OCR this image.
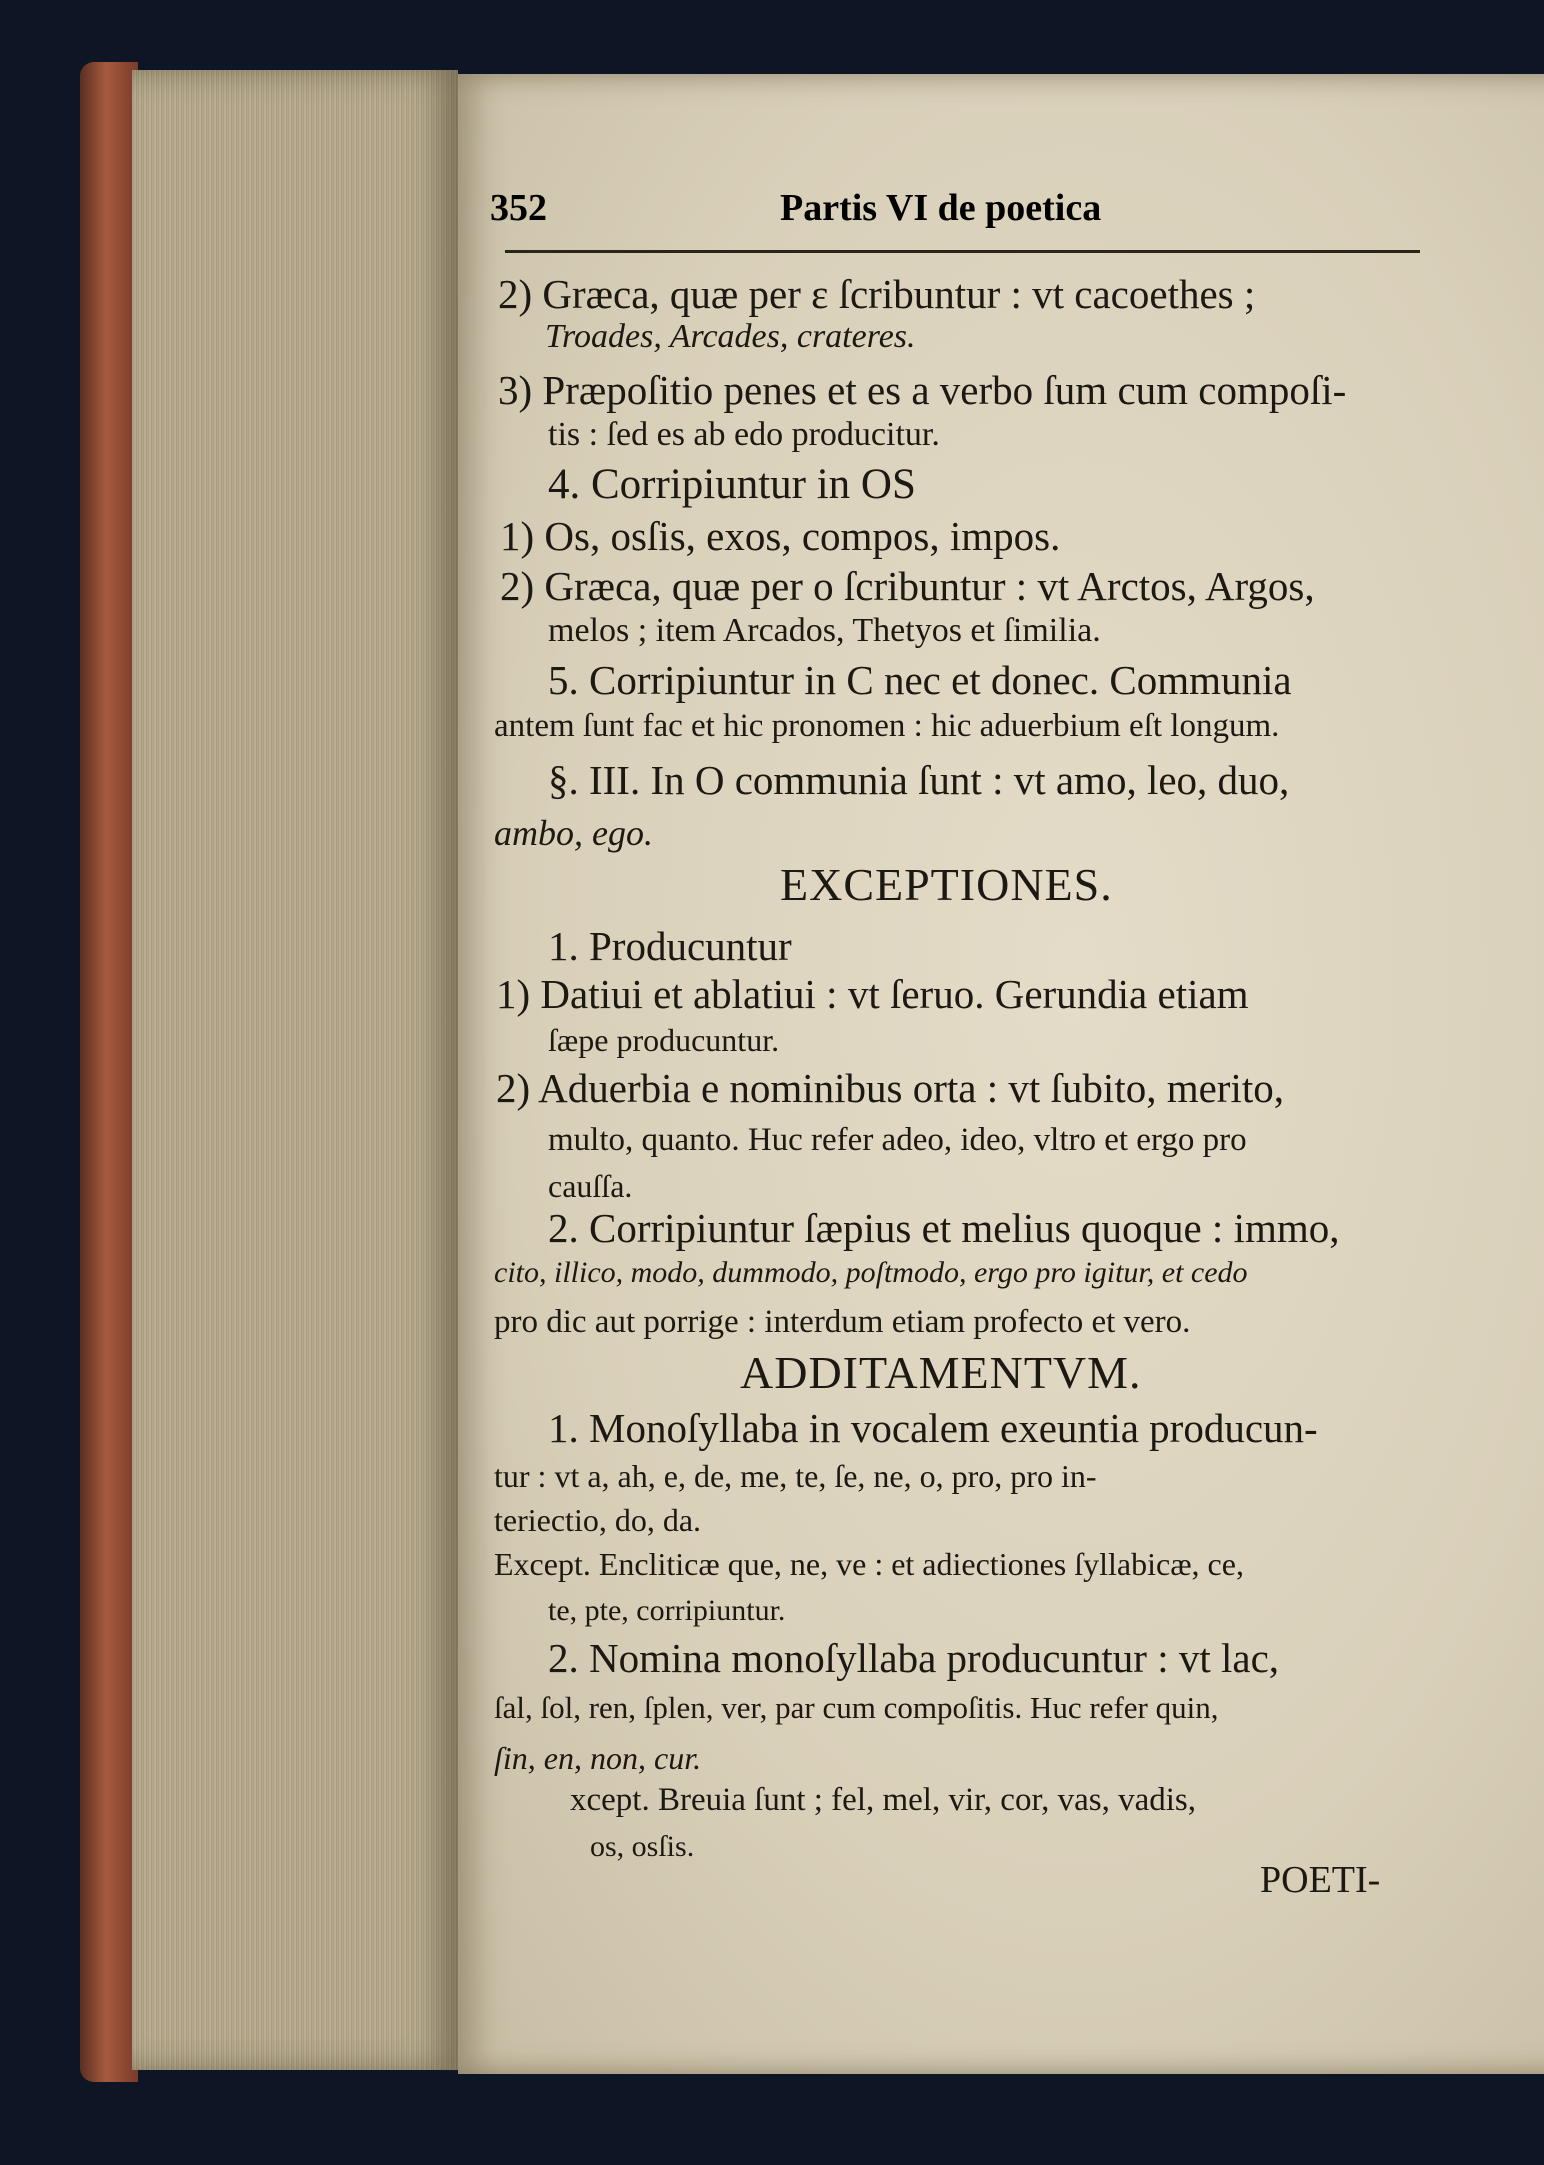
352	Partis VI de poetica
2) Græca, quæ per ε ſcribuntur : vt cacoethes ;
Troades, Arcades, crateres.
3) Præpoſitio penes et es a verbo ſum cum compoſi-
tis : ſed es ab edo producitur.
4. Corripiuntur in OS
1) Os, osſis, exos, compos, impos.
2) Græca, quæ per o ſcribuntur : vt Arctos, Argos,
melos ; item Arcados, Thetyos et ſimilia.
5. Corripiuntur in C nec et donec. Communia
antem ſunt fac et hic pronomen : hic aduerbium eſt longum.
§. III. In O communia ſunt : vt amo, leo, duo,
ambo, ego.
EXCEPTIONES.
1. Producuntur
1) Datiui et ablatiui : vt ſeruo. Gerundia etiam
ſæpe producuntur.
2) Aduerbia e nominibus orta : vt ſubito, merito,
multo, quanto. Huc refer adeo, ideo, vltro et ergo pro
cauſſa.
2. Corripiuntur ſæpius et melius quoque : immo,
cito, illico, modo, dummodo, poſtmodo, ergo pro igitur, et cedo
pro dic aut porrige : interdum etiam profecto et vero.
ADDITAMENTVM.
1. Monoſyllaba in vocalem exeuntia producun-
tur : vt a, ah, e, de, me, te, ſe, ne, o, pro, pro in-
teriectio, do, da.
Except. Encliticæ que, ne, ve : et adiectiones ſyllabicæ, ce,
te, pte, corripiuntur.
2. Nomina monoſyllaba producuntur : vt lac,
ſal, ſol, ren, ſplen, ver, par cum compoſitis. Huc refer quin,
ſin, en, non, cur.
xcept. Breuia ſunt ; fel, mel, vir, cor, vas, vadis,
os, osſis.
POETI-
